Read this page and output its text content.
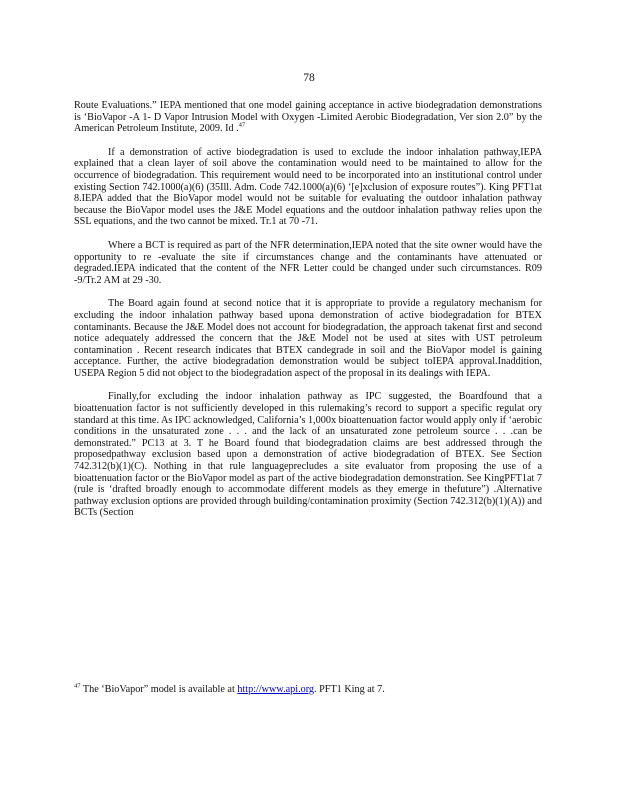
78

Route Evaluations.” IEPA mentioned that one model gaining acceptance in active biodegradation demonstrations is ‘BioVapor -A 1- D Vapor Intrusion Model with Oxygen -Limited Aerobic Biodegradation, Ver sion 2.0” by the American Petroleum Institute, 2009. Id .$^{47}$

If a demonstration of active biodegradation is used to exclude the indoor inhalation pathway,IEPA explained that a clean layer of soil above the contamination would need to be maintained to allow for the occurrence of biodegradation. This requirement would need to be incorporated into an institutional control under existing Section 742.1000(a)(6) (35Ill. Adm. Code 742.1000(a)(6) ‘[e]xclusion of exposure routes”). King PFT1at 8.IEPA added that the BioVapor model would not be suitable for evaluating the outdoor inhalation pathway because the BioVapor model uses the J&E Model equations and the outdoor inhalation pathway relies upon the SSL equations, and the two cannot be mixed. Tr.1 at 70 -71.

Where a BCT is required as part of the NFR determination,IEPA noted that the site owner would have the opportunity to re -evaluate the site if circumstances change and the contaminants have attenuated or degraded.IEPA indicated that the content of the NFR Letter could be changed under such circumstances. R09 -9/Tr.2 AM at 29 -30.

The Board again found at second notice that it is appropriate to provide a regulatory mechanism for excluding the indoor inhalation pathway based upona demonstration of active biodegradation for BTEX contaminants. Because the J&E Model does not account for biodegradation, the approach takenat first and second notice adequately addressed the concern that the J&E Model not be used at sites with UST petroleum contamination . Recent research indicates that BTEX candegrade in soil and the BioVapor model is gaining acceptance. Further, the active biodegradation demonstration would be subject toIEPA approval.Inaddition, USEPA Region 5 did not object to the biodegradation aspect of the proposal in its dealings with IEPA.

Finally,for excluding the indoor inhalation pathway as IPC suggested, the Boardfound that a bioattenuation factor is not sufficiently developed in this rulemaking’s record to support a specific regulat ory standard at this time. As IPC acknowledged, California’s 1,000x bioattenuation factor would apply only if ‘aerobic conditions in the unsaturated zone . . . and the lack of an unsaturated zone petroleum source . . .can be demonstrated.” PC13 at 3. T he Board found that biodegradation claims are best addressed through the proposedpathway exclusion based upon a demonstration of active biodegradation of BTEX. See Section 742.312(b)(1)(C). Nothing in that rule languageprecludes a site evaluator from proposing the use of a bioattenuation factor or the BioVapor model as part of the active biodegradation demonstration. See KingPFT1at 7 (rule is ‘drafted broadly enough to accommodate different models as they emerge in thefuture”) .Alternative pathway exclusion options are provided through building/contamination proximity (Section 742.312(b)(1)(A)) and BCTs (Section

$^{47}$ The ‘BioVapor” model is available at http://www.api.org. PFT1 King at 7.
